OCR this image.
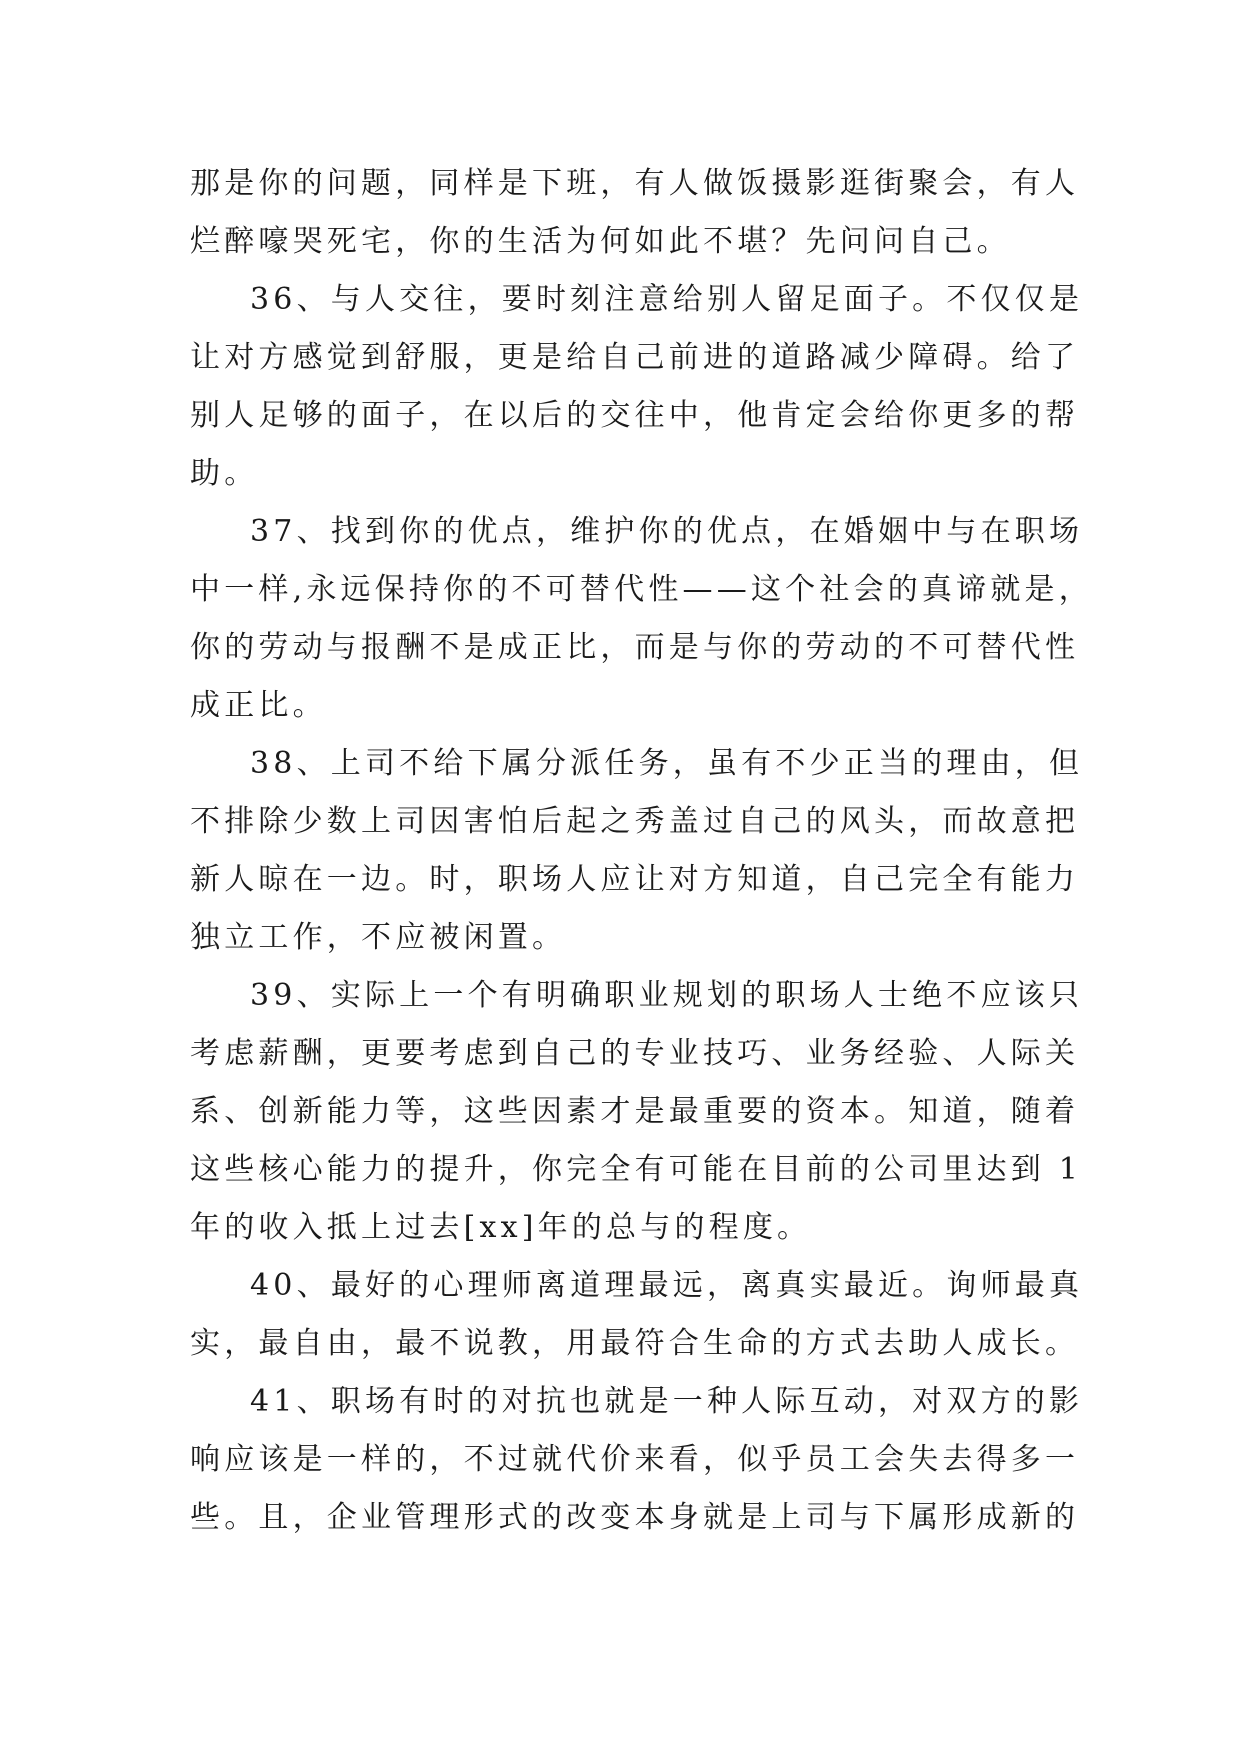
那是你的问题，同样是下班，有人做饭摄影逛街聚会，有人
烂醉嚎哭死宅，你的生活为何如此不堪？先问问自己。
36、与人交往，要时刻注意给别人留足面子。不仅仅是
让对方感觉到舒服，更是给自己前进的道路减少障碍。给了
别人足够的面子，在以后的交往中，他肯定会给你更多的帮
助。
37、找到你的优点，维护你的优点，在婚姻中与在职场
中一样,永远保持你的不可替代性——这个社会的真谛就是，
你的劳动与报酬不是成正比，而是与你的劳动的不可替代性
成正比。
38、上司不给下属分派任务，虽有不少正当的理由，但
不排除少数上司因害怕后起之秀盖过自己的风头，而故意把
新人晾在一边。时，职场人应让对方知道，自己完全有能力
独立工作，不应被闲置。
39、实际上一个有明确职业规划的职场人士绝不应该只
考虑薪酬，更要考虑到自己的专业技巧、业务经验、人际关
系、创新能力等，这些因素才是最重要的资本。知道，随着
这些核心能力的提升，你完全有可能在目前的公司里达到 1
年的收入抵上过去[xx]年的总与的程度。
40、最好的心理师离道理最远，离真实最近。询师最真
实，最自由，最不说教，用最符合生命的方式去助人成长。
41、职场有时的对抗也就是一种人际互动，对双方的影
响应该是一样的，不过就代价来看，似乎员工会失去得多一
些。且，企业管理形式的改变本身就是上司与下属形成新的
